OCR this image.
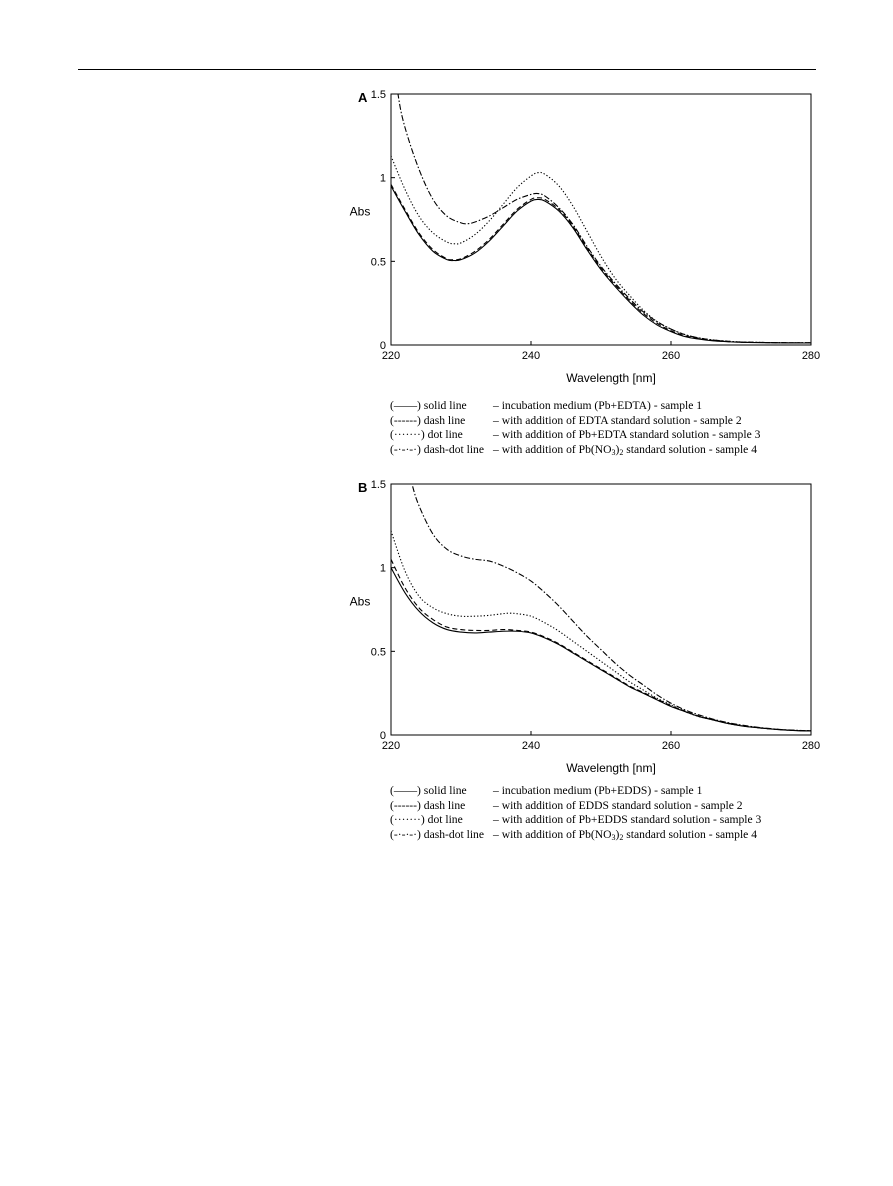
A
0
0.5
1
1.5
220	240	260	280
Abs
Wavelength [nm]
(——) solid line	– incubation medium (Pb+EDTA) - sample 1
(------) dash line	– with addition of EDTA standard solution - sample 2
(·······) dot line	– with addition of Pb+EDTA standard solution - sample 3
(-·-·-·) dash-dot line – with addition of Pb(NO3)2 standard solution - sample 4
B
0
0.5
1
1.5
220	240	260	280
Abs
Wavelength [nm]
(——) solid line	– incubation medium (Pb+EDDS) - sample 1
(------) dash line	– with addition of EDDS standard solution - sample 2
(·······) dot line	– with addition of Pb+EDDS standard solution - sample 3
(-·-·-·) dash-dot line – with addition of Pb(NO3)2 standard solution - sample 4
